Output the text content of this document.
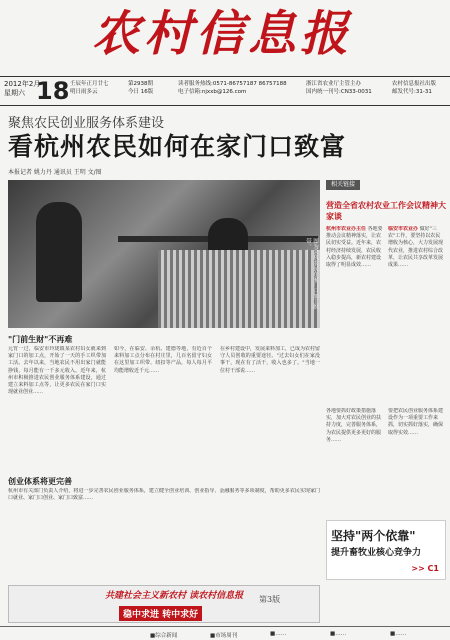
农村信息报
2012年2月
星期六 18 壬辰年正月廿七
明日雨多云
第2938期
今日 16版
读者服务热线:0571-86757187 86757188
电子信箱:njxxb@126.com
浙江省农业厅主管主办
国内统一刊号:CN33-0031
农村信息报社出版
邮发代号:31-31
聚焦农民创业服务体系建设
看杭州农民如何在家门口致富
本报记者 姚力丹 通讯员 王明 文/图
图为余杭农民在家门口加工织带。……
相关链接
营造全省农村农业工作会议精神大家谈
杭州市农业办主任 各地要推动会议精神落实，让农民切实受益。近年来，农村经济持续发展，农民收入稳步提高，新农村建设取得了明显成效……
临安市农业办 做好"三农"工作，要坚持以农民增收为核心，大力发展现代农业，推进农村综合改革，让农民共享改革发展成果……
各地要抓好政策措施落实，加大对农民创业的扶持力度，完善服务体系，为农民提供更多更好的服务……
要把农民创业服务体系建设作为一项重要工作来抓，切实抓好落实，确保取得实效……
"门前生财"不再难
元宵一过，临安市玲珑镇某农村妇女就来到家门口的加工点，开始了一天的手工织带加工活。去年以来，当地农民不用出家门就能挣钱，每月能有一千多元收入。近年来，杭州市积极推进农民创业服务体系建设，通过建立来料加工点等，让更多农民在家门口实现就业创业……
如今，在临安、余杭、建德等地，有近百个来料加工点分布在村庄里，几百名留守妇女在这里加工织带、纽扣等产品，每人每月平均能增收近千元……
在乡村建设中，发展来料加工，已成为农村留守人员创收的重要途径。"过去妇女们在家没事干，现在有了活干，收入也多了。"当地一位村干部说……
创业体系将更完善
杭州市有关部门负责人介绍，将进一步完善农民创业服务体系，建立健全创业培训、创业指导、金融服务等多项制度，帮助更多农民实现家门口就业、家门口创业、家门口致富……
坚持"两个依靠"
提升畜牧业核心竞争力
>> C1
共建社会主义新农村 读农村信息报
稳中求进 转中求好
第3版
■综合新闻	■市场周刊	■……	■……	■……
